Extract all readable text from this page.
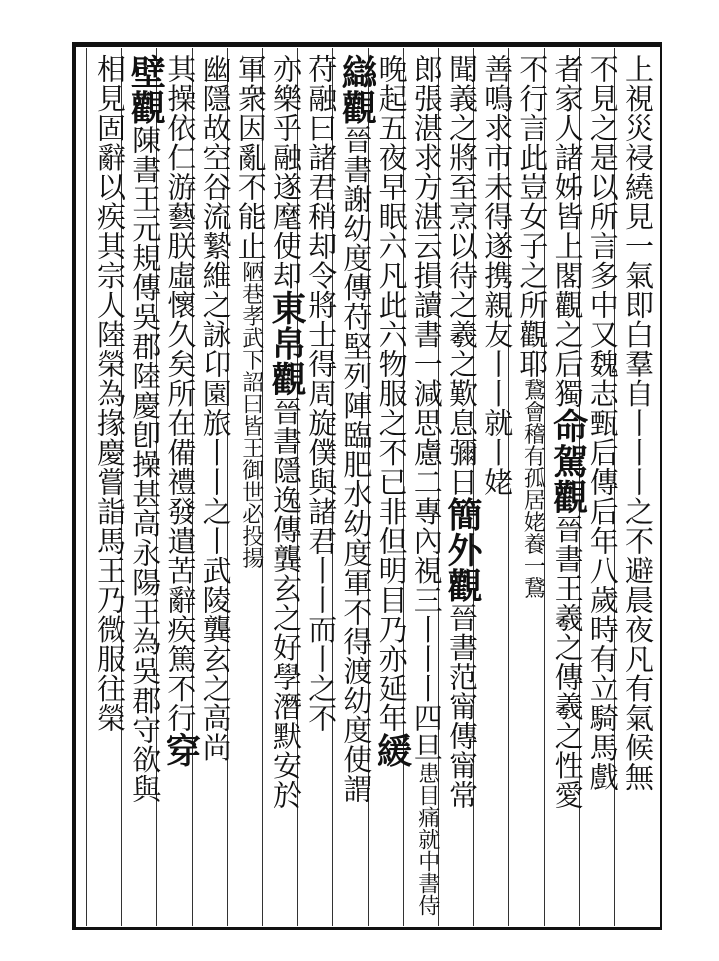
上視災祲繞見一氣即白羣自丨丨丨之不避晨夜凡有氣候無
不見之是以所言多中又魏志甄后傳后年八歲時有立騎馬戲
者家人諸姊皆上閣觀之后獨命駕觀晉書王羲之傳羲之性愛
不行言此豈女子之所觀耶鵞會稽有孤居姥養一鵞
善鳴求市未得遂携親友丨丨就丨姥
聞義之將至烹以待之羲之歎息彌日簡外觀晉書范甯傳甯常
郎張湛求方湛云損讀書一減思慮二專內視三丨丨丨四旦患目痛就中書侍
晚起五夜早眠六凡此六物服之不已非但明目乃亦延年緩
䜌觀晉書謝幼度傳苻堅列陣臨肥水幼度軍不得渡幼度使謂
苻融曰諸君稍却令將士得周旋僕與諸君丨丨而丨之不
亦樂乎融遂麾使却東帛觀晉書隱逸傳龔玄之好學潛默安於
軍衆因亂不能止陋巷孝武下詔曰皆王御世必投揚
幽隱故空谷流縶維之詠卬園旅丨丨之丨武陵龔玄之高尚
其操依仁游藝朕虛懷久矣所在備禮發遣苦辭疾篤不行穿
壁觀陳書王元規傳吳郡陸慶卽操甚高永陽王為吳郡守欲與
相見固辭以疾其宗人陸榮為掾慶嘗詣馬王乃微服往榮
